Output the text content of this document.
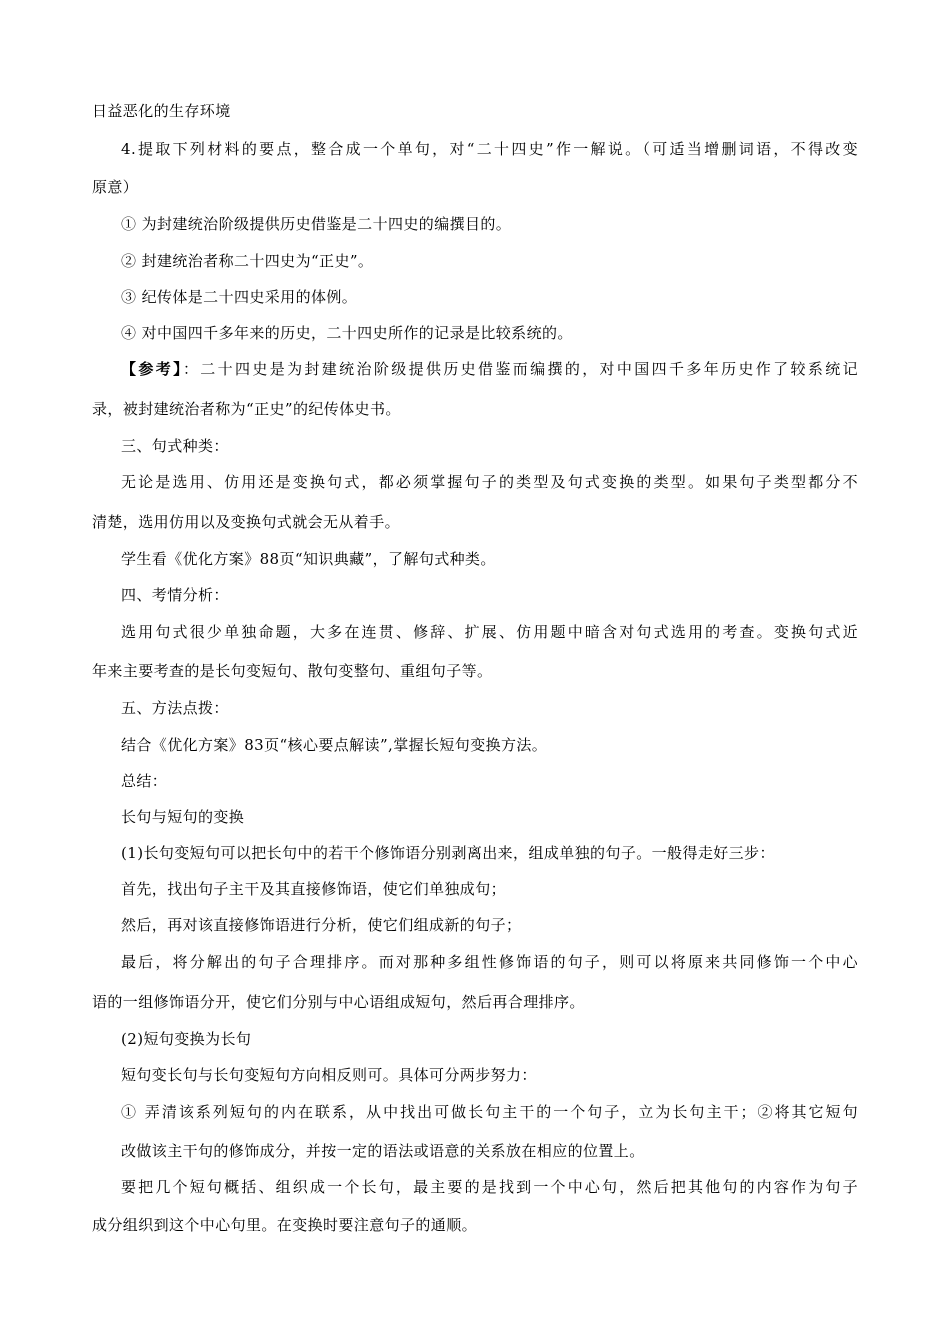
日益恶化的生存环境
4.提取下列材料的要点，整合成一个单句，对“二十四史”作一解说。（可适当增删词语，不得改变
原意）
① 为封建统治阶级提供历史借鉴是二十四史的编撰目的。
② 封建统治者称二十四史为“正史”。
③ 纪传体是二十四史采用的体例。
④ 对中国四千多年来的历史，二十四史所作的记录是比较系统的。
【参考】：二十四史是为封建统治阶级提供历史借鉴而编撰的，对中国四千多年历史作了较系统记
录，被封建统治者称为“正史”的纪传体史书。
三、句式种类：
无论是选用、仿用还是变换句式，都必须掌握句子的类型及句式变换的类型。如果句子类型都分不
清楚，选用仿用以及变换句式就会无从着手。
学生看《优化方案》88页“知识典藏”，了解句式种类。
四、考情分析：
选用句式很少单独命题，大多在连贯、修辞、扩展、仿用题中暗含对句式选用的考查。变换句式近
年来主要考查的是长句变短句、散句变整句、重组句子等。
五、方法点拨：
结合《优化方案》83页“核心要点解读”,掌握长短句变换方法。
总结：
长句与短句的变换
(1)长句变短句可以把长句中的若干个修饰语分别剥离出来，组成单独的句子。一般得走好三步：
首先，找出句子主干及其直接修饰语，使它们单独成句；
然后，再对该直接修饰语进行分析，使它们组成新的句子；
最后，将分解出的句子合理排序。而对那种多组性修饰语的句子，则可以将原来共同修饰一个中心
语的一组修饰语分开，使它们分别与中心语组成短句，然后再合理排序。
(2)短句变换为长句
短句变长句与长句变短句方向相反则可。具体可分两步努力：
① 弄清该系列短句的内在联系，从中找出可做长句主干的一个句子，立为长句主干；②将其它短句
改做该主干句的修饰成分，并按一定的语法或语意的关系放在相应的位置上。
要把几个短句概括、组织成一个长句，最主要的是找到一个中心句，然后把其他句的内容作为句子
成分组织到这个中心句里。在变换时要注意句子的通顺。
